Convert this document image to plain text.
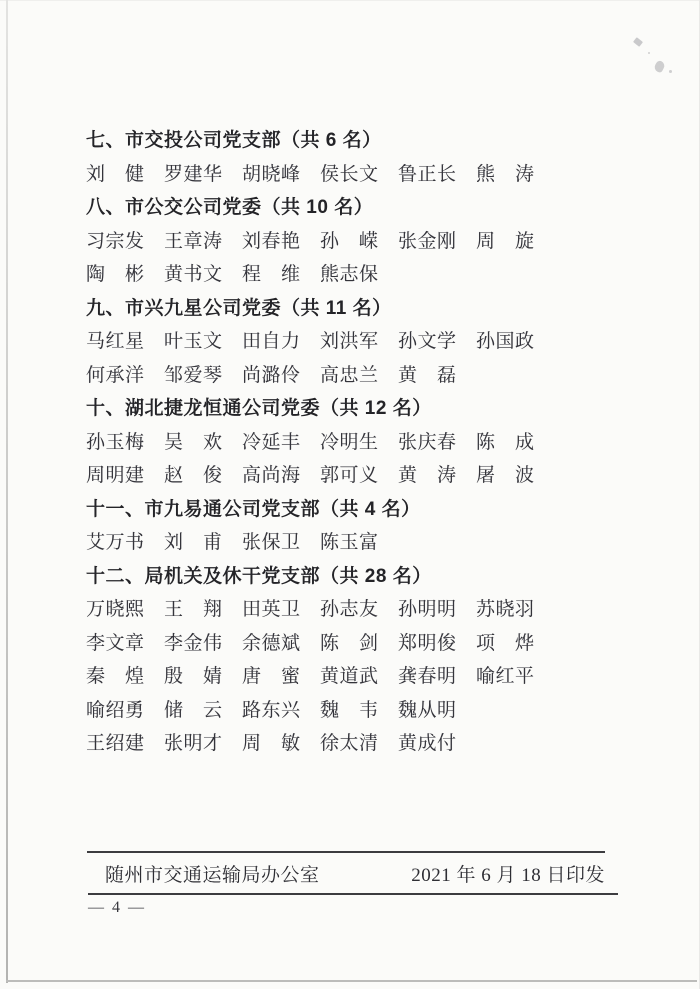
七、市交投公司党支部（共 6 名）
刘　健　罗建华　胡晓峰　侯长文　鲁正长　熊　涛
八、市公交公司党委（共 10 名）
习宗发　王章涛　刘春艳　孙　嵘　张金刚　周　旋
陶　彬　黄书文　程　维　熊志保
九、市兴九星公司党委（共 11 名）
马红星　叶玉文　田自力　刘洪军　孙文学　孙国政
何承洋　邹爱琴　尚潞伶　高忠兰　黄　磊
十、湖北捷龙恒通公司党委（共 12 名）
孙玉梅　吴　欢　冷延丰　冷明生　张庆春　陈　成
周明建　赵　俊　高尚海　郭可义　黄　涛　屠　波
十一、市九易通公司党支部（共 4 名）
艾万书　刘　甫　张保卫　陈玉富
十二、局机关及休干党支部（共 28 名）
万晓熙　王　翔　田英卫　孙志友　孙明明　苏晓羽
李文章　李金伟　余德斌　陈　剑　郑明俊　项　烨
秦　煌　殷　婧　唐　蜜　黄道武　龚春明　喻红平
喻绍勇　储　云　路东兴　魏　韦　魏从明
王绍建　张明才　周　敏　徐太清　黄成付
随州市交通运输局办公室	2021 年 6 月 18 日印发
— 4 —
